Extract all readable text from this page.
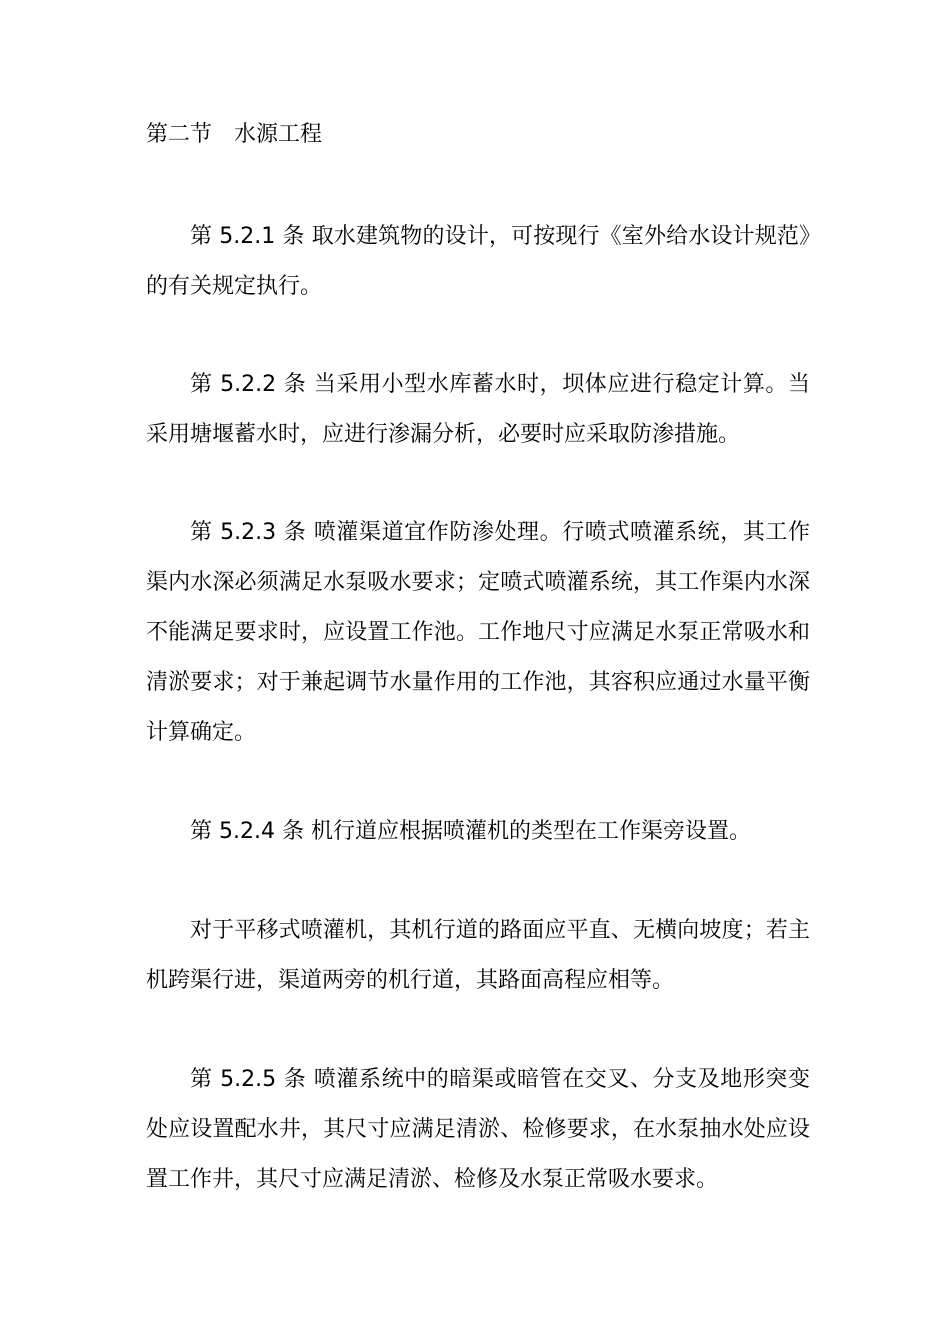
第二节　水源工程

第 5.2.1 条 取水建筑物的设计，可按现行《室外给水设计规范》的有关规定执行。

第 5.2.2 条 当采用小型水库蓄水时，坝体应进行稳定计算。当采用塘堰蓄水时，应进行渗漏分析，必要时应采取防渗措施。

第 5.2.3 条 喷灌渠道宜作防渗处理。行喷式喷灌系统，其工作渠内水深必须满足水泵吸水要求；定喷式喷灌系统，其工作渠内水深不能满足要求时，应设置工作池。工作地尺寸应满足水泵正常吸水和清淤要求；对于兼起调节水量作用的工作池，其容积应通过水量平衡计算确定。

第 5.2.4 条 机行道应根据喷灌机的类型在工作渠旁设置。

对于平移式喷灌机，其机行道的路面应平直、无横向坡度；若主机跨渠行进，渠道两旁的机行道，其路面高程应相等。

第 5.2.5 条 喷灌系统中的暗渠或暗管在交叉、分支及地形突变处应设置配水井，其尺寸应满足清淤、检修要求，在水泵抽水处应设置工作井，其尺寸应满足清淤、检修及水泵正常吸水要求。
